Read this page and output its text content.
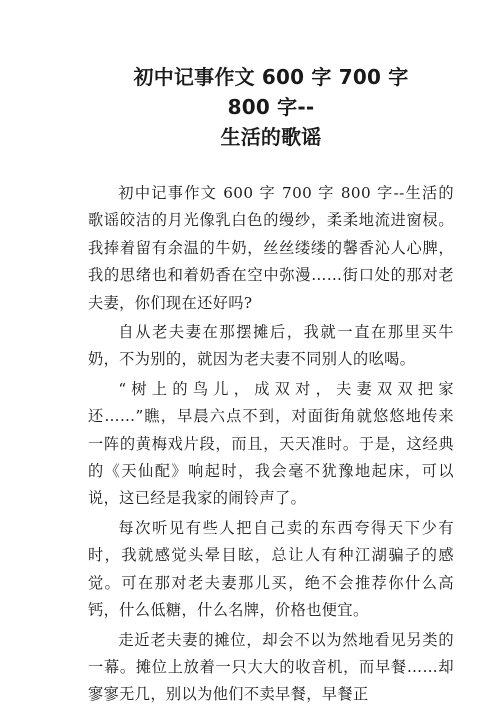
初中记事作文 600 字 700 字 800 字--
生活的歌谣

初中记事作文 600 字 700 字 800 字--生活的歌谣皎洁的月光像乳白色的缦纱，柔柔地流进窗棂。我捧着留有余温的牛奶，丝丝缕缕的馨香沁人心脾，我的思绪也和着奶香在空中弥漫……街口处的那对老夫妻，你们现在还好吗?

自从老夫妻在那摆摊后，我就一直在那里买牛奶，不为别的，就因为老夫妻不同别人的吆喝。

“树上的鸟儿，成双对，夫妻双双把家还……”瞧，早晨六点不到，对面街角就悠悠地传来一阵的黄梅戏片段，而且，天天准时。于是，这经典的《天仙配》响起时，我会毫不犹豫地起床，可以说，这已经是我家的闹铃声了。

每次听见有些人把自己卖的东西夸得天下少有时，我就感觉头晕目眩，总让人有种江湖骗子的感觉。可在那对老夫妻那儿买，绝不会推荐你什么高钙，什么低糖，什么名牌，价格也便宜。

走近老夫妻的摊位，却会不以为然地看见另类的一幕。摊位上放着一只大大的收音机，而早餐……却寥寥无几，别以为他们不卖早餐，早餐正
